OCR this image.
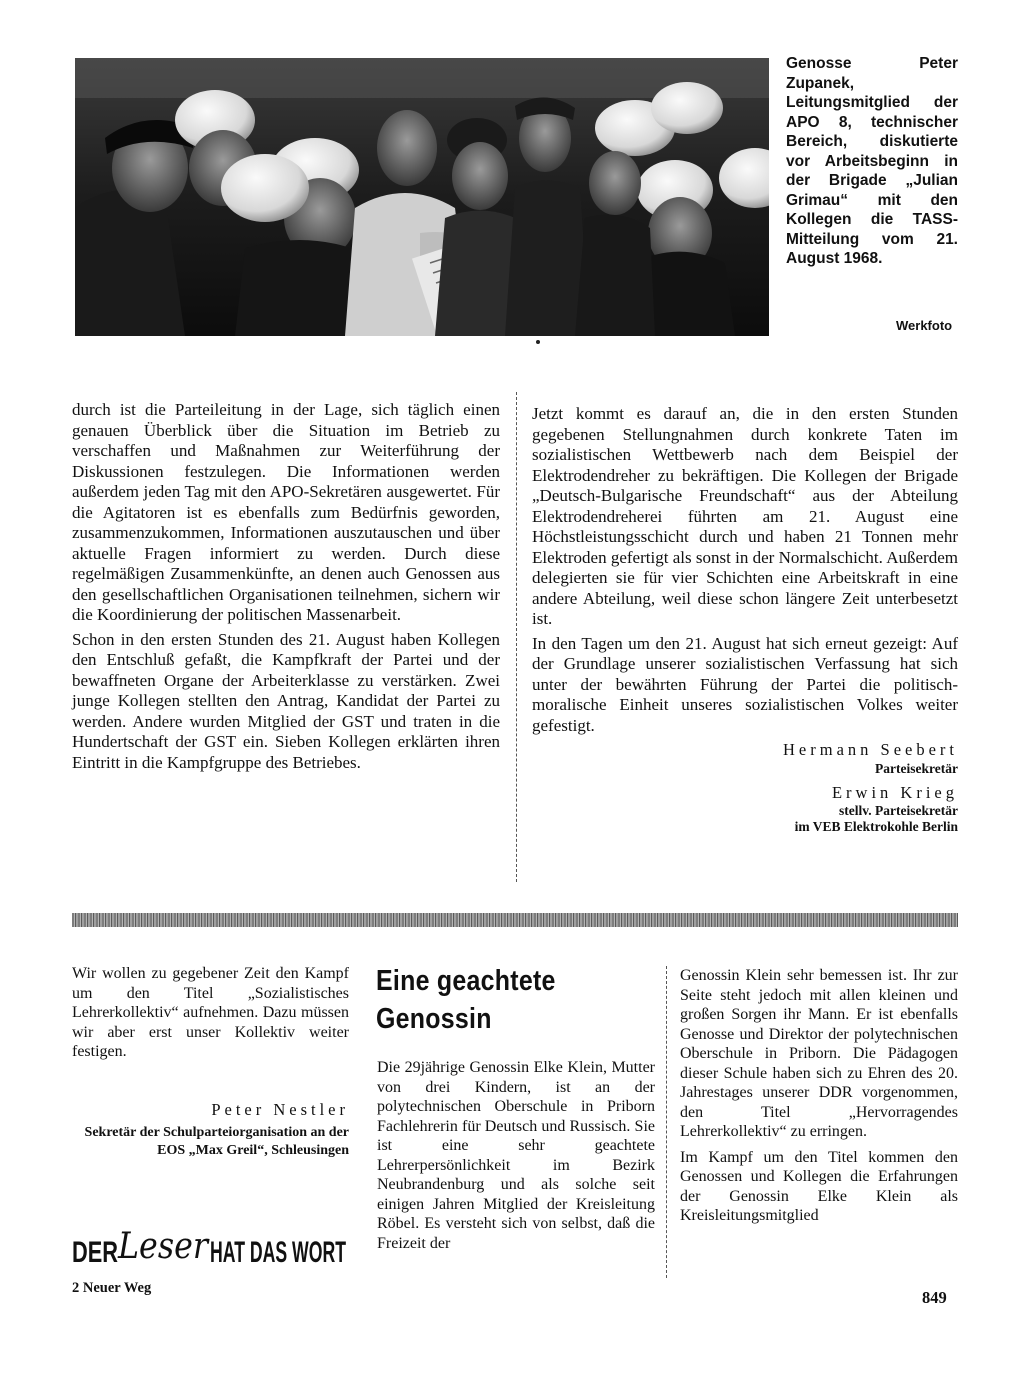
Genosse Peter Zupanek, Leitungsmitglied der APO 8, technischer Bereich, diskutierte vor Arbeitsbeginn in der Brigade „Julian Grimau“ mit den Kollegen die TASS-Mitteilung vom 21. August 1968.
Werkfoto

durch ist die Parteileitung in der Lage, sich täglich einen genauen Überblick über die Situation im Betrieb zu verschaffen und Maßnahmen zur Weiterführung der Diskussionen festzulegen. Die Informationen werden außerdem jeden Tag mit den APO-Sekretären ausgewertet. Für die Agitatoren ist es ebenfalls zum Bedürfnis geworden, zusammenzukommen, Informationen auszutauschen und über aktuelle Fragen informiert zu werden. Durch diese regelmäßigen Zusammenkünfte, an denen auch Genossen aus den gesellschaftlichen Organisationen teilnehmen, sichern wir die Koordinierung der politischen Massenarbeit.

Schon in den ersten Stunden des 21. August haben Kollegen den Entschluß gefaßt, die Kampfkraft der Partei und der bewaffneten Organe der Arbeiterklasse zu verstärken. Zwei junge Kollegen stellten den Antrag, Kandidat der Partei zu werden. Andere wurden Mitglied der GST und traten in die Hundertschaft der GST ein. Sieben Kollegen erklärten ihren Eintritt in die Kampfgruppe des Betriebes.

Jetzt kommt es darauf an, die in den ersten Stunden gegebenen Stellungnahmen durch konkrete Taten im sozialistischen Wettbewerb nach dem Beispiel der Elektrodendreher zu bekräftigen. Die Kollegen der Brigade „Deutsch-Bulgarische Freundschaft“ aus der Abteilung Elektrodendreherei führten am 21. August eine Höchstleistungsschicht durch und haben 21 Tonnen mehr Elektroden gefertigt als sonst in der Normalschicht. Außerdem delegierten sie für vier Schichten eine Arbeitskraft in eine andere Abteilung, weil diese schon längere Zeit unterbesetzt ist.

In den Tagen um den 21. August hat sich erneut gezeigt: Auf der Grundlage unserer sozialistischen Verfassung hat sich unter der bewährten Führung der Partei die politisch-moralische Einheit unseres sozialistischen Volkes weiter gefestigt.

Hermann Seebert
Parteisekretär
Erwin Krieg
stellv. Parteisekretär
im VEB Elektrokohle Berlin

Wir wollen zu gegebener Zeit den Kampf um den Titel „Sozialistisches Lehrerkollektiv“ aufnehmen. Dazu müssen wir aber erst unser Kollektiv weiter festigen.

Peter Nestler
Sekretär der Schulparteiorganisation an der EOS „Max Greil“, Schleusingen
DER
Leser HAT DAS WORT
2 Neuer Weg
Eine geachtete Genossin

Die 29jährige Genossin Elke Klein, Mutter von drei Kindern, ist an der polytechnischen Oberschule in Priborn Fachlehrerin für Deutsch und Russisch. Sie ist eine sehr geachtete Lehrerpersönlichkeit im Bezirk Neubrandenburg und als solche seit einigen Jahren Mitglied der Kreisleitung Röbel. Es versteht sich von selbst, daß die Freizeit der

Genossin Klein sehr bemessen ist. Ihr zur Seite steht jedoch mit allen kleinen und großen Sorgen ihr Mann. Er ist ebenfalls Genosse und Direktor der polytechnischen Oberschule in Priborn. Die Pädagogen dieser Schule haben sich zu Ehren des 20. Jahrestages unserer DDR vorgenommen, den Titel „Hervorragendes Lehrerkollektiv“ zu erringen.

Im Kampf um den Titel kommen den Genossen und Kollegen die Erfahrungen der Genossin Elke Klein als Kreisleitungsmitglied

849
